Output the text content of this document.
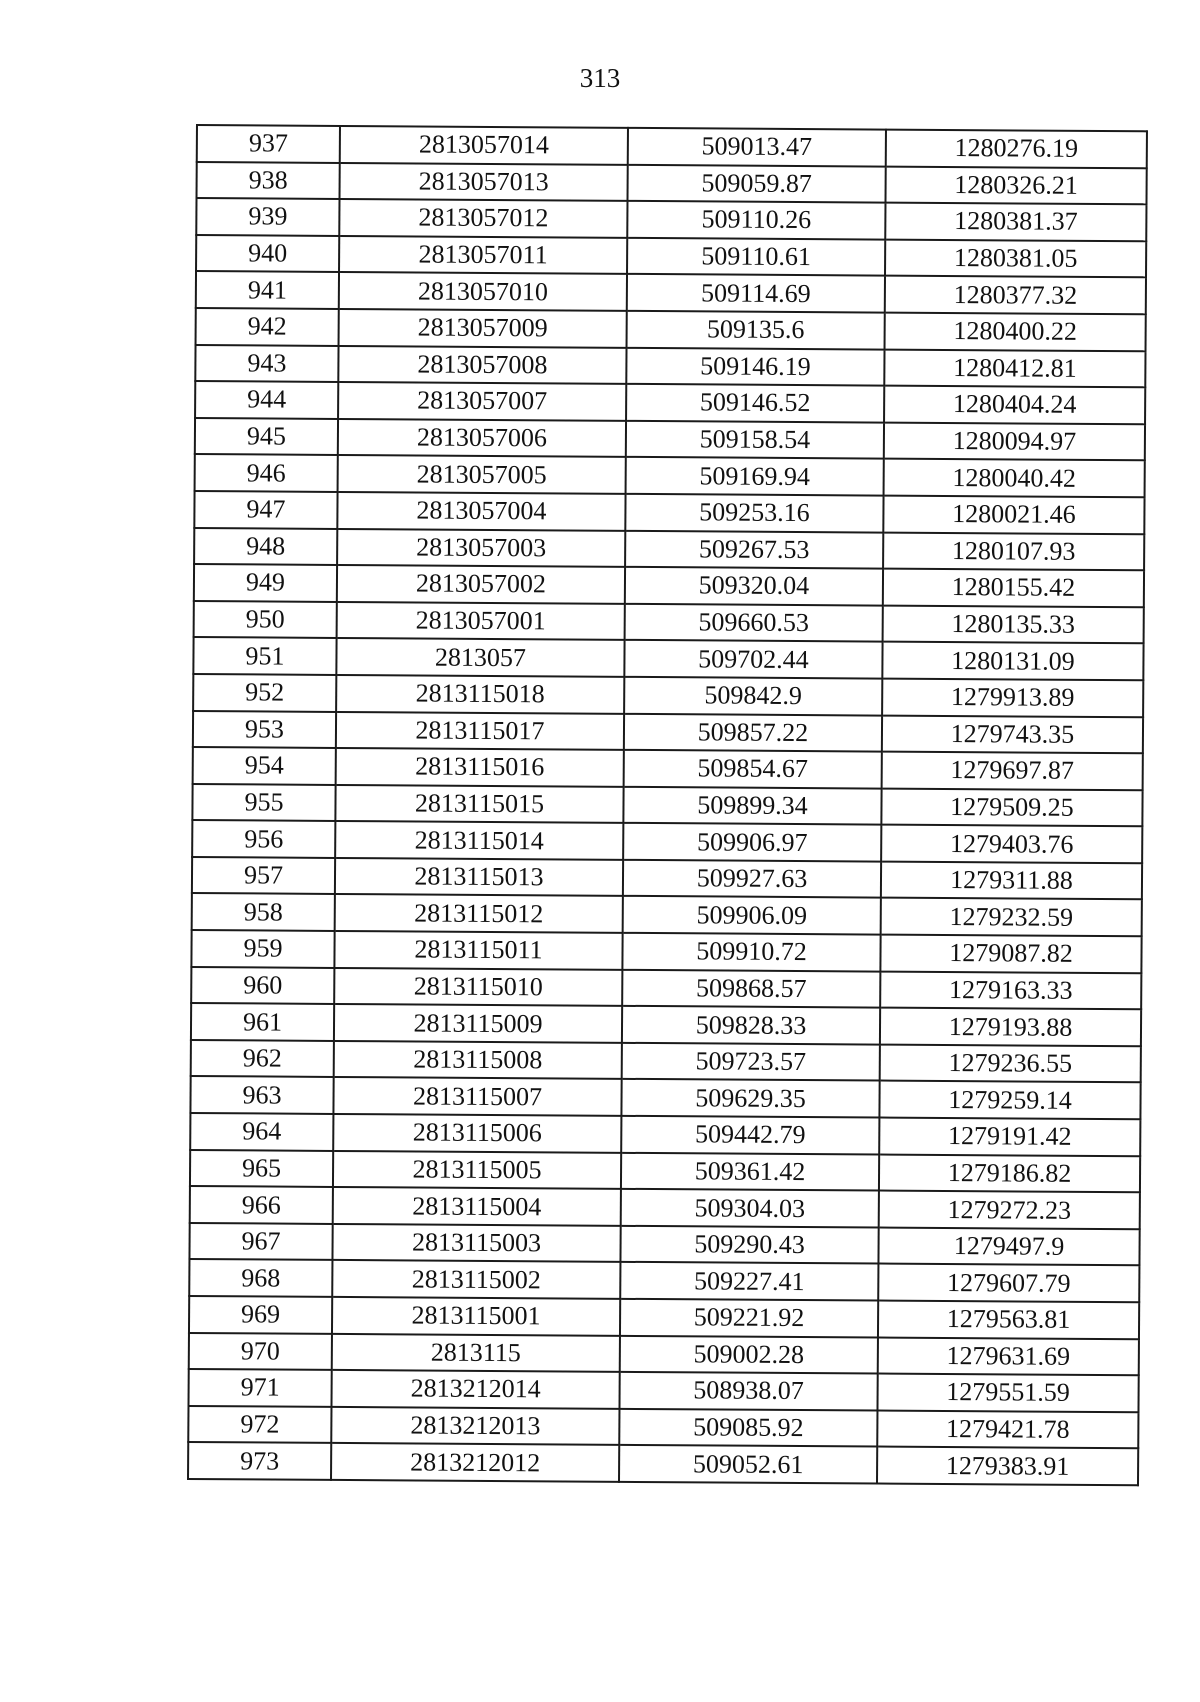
313
937	2813057014	509013.47	1280276.19
938	2813057013	509059.87	1280326.21
939	2813057012	509110.26	1280381.37
940	2813057011	509110.61	1280381.05
941	2813057010	509114.69	1280377.32
942	2813057009	509135.6	1280400.22
943	2813057008	509146.19	1280412.81
944	2813057007	509146.52	1280404.24
945	2813057006	509158.54	1280094.97
946	2813057005	509169.94	1280040.42
947	2813057004	509253.16	1280021.46
948	2813057003	509267.53	1280107.93
949	2813057002	509320.04	1280155.42
950	2813057001	509660.53	1280135.33
951	2813057	509702.44	1280131.09
952	2813115018	509842.9	1279913.89
953	2813115017	509857.22	1279743.35
954	2813115016	509854.67	1279697.87
955	2813115015	509899.34	1279509.25
956	2813115014	509906.97	1279403.76
957	2813115013	509927.63	1279311.88
958	2813115012	509906.09	1279232.59
959	2813115011	509910.72	1279087.82
960	2813115010	509868.57	1279163.33
961	2813115009	509828.33	1279193.88
962	2813115008	509723.57	1279236.55
963	2813115007	509629.35	1279259.14
964	2813115006	509442.79	1279191.42
965	2813115005	509361.42	1279186.82
966	2813115004	509304.03	1279272.23
967	2813115003	509290.43	1279497.9
968	2813115002	509227.41	1279607.79
969	2813115001	509221.92	1279563.81
970	2813115	509002.28	1279631.69
971	2813212014	508938.07	1279551.59
972	2813212013	509085.92	1279421.78
973	2813212012	509052.61	1279383.91
